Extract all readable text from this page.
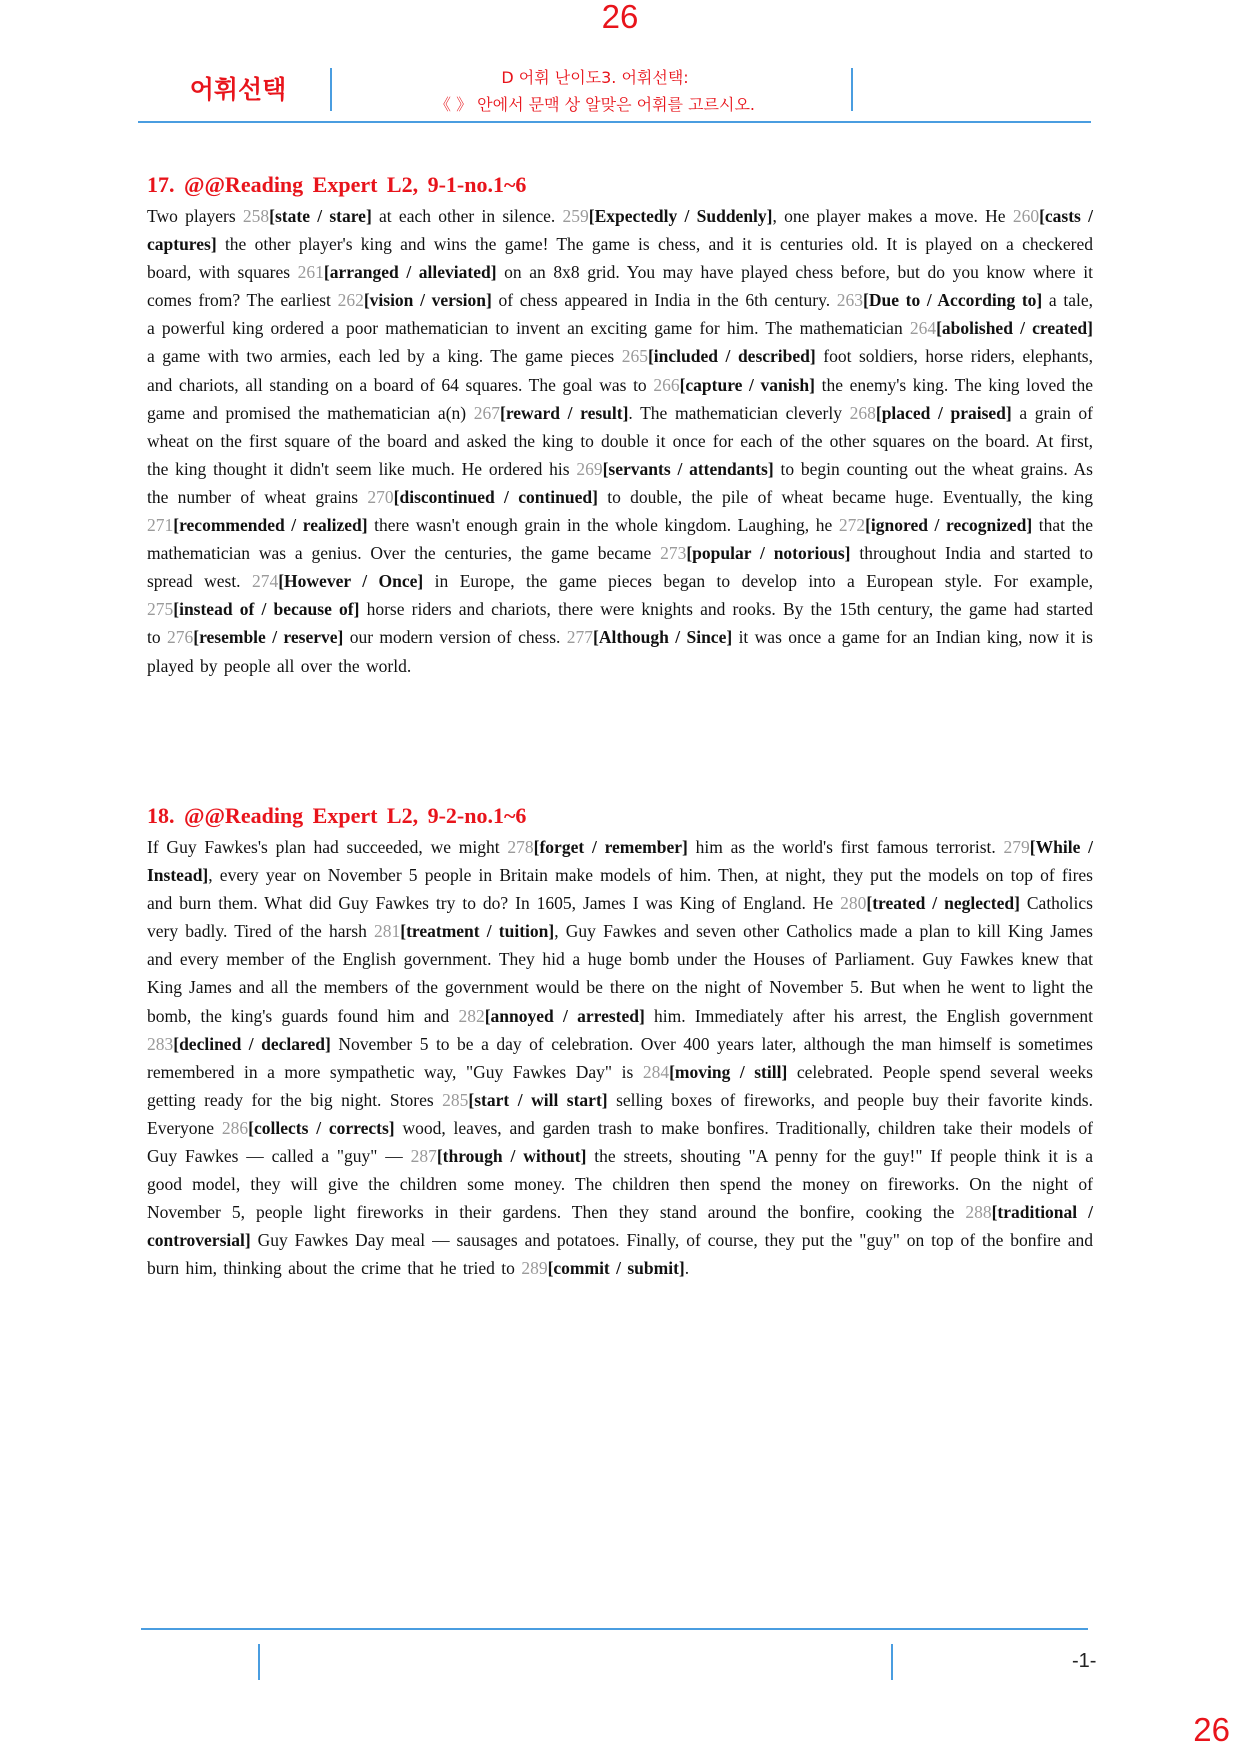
26
어휘선택	D 어휘 난이도3. 어휘선택:
《 》 안에서 문맥 상 알맞은 어휘를 고르시오.
17. @@Reading Expert L2, 9-1-no.1~6

Two players 258[state / stare] at each other in silence. 259[Expectedly / Suddenly], one player makes a move. He 260[casts / captures] the other player's king and wins the game! The game is chess, and it is centuries old. It is played on a checkered board, with squares 261[arranged / alleviated] on an 8x8 grid. You may have played chess before, but do you know where it comes from? The earliest 262[vision / version] of chess appeared in India in the 6th century. 263[Due to / According to] a tale, a powerful king ordered a poor mathematician to invent an exciting game for him. The mathematician 264[abolished / created] a game with two armies, each led by a king. The game pieces 265[included / described] foot soldiers, horse riders, elephants, and chariots, all standing on a board of 64 squares. The goal was to 266[capture / vanish] the enemy's king. The king loved the game and promised the mathematician a(n) 267[reward / result]. The mathematician cleverly 268[placed / praised] a grain of wheat on the first square of the board and asked the king to double it once for each of the other squares on the board. At first, the king thought it didn't seem like much. He ordered his 269[servants / attendants] to begin counting out the wheat grains. As the number of wheat grains 270[discontinued / continued] to double, the pile of wheat became huge. Eventually, the king 271[recommended / realized] there wasn't enough grain in the whole kingdom. Laughing, he 272[ignored / recognized] that the mathematician was a genius. Over the centuries, the game became 273[popular / notorious] throughout India and started to spread west. 274[However / Once] in Europe, the game pieces began to develop into a European style. For example, 275[instead of / because of] horse riders and chariots, there were knights and rooks. By the 15th century, the game had started to 276[resemble / reserve] our modern version of chess. 277[Although / Since] it was once a game for an Indian king, now it is played by people all over the world.

18. @@Reading Expert L2, 9-2-no.1~6

If Guy Fawkes's plan had succeeded, we might 278[forget / remember] him as the world's first famous terrorist. 279[While / Instead], every year on November 5 people in Britain make models of him. Then, at night, they put the models on top of fires and burn them. What did Guy Fawkes try to do? In 1605, James I was King of England. He 280[treated / neglected] Catholics very badly. Tired of the harsh 281[treatment / tuition], Guy Fawkes and seven other Catholics made a plan to kill King James and every member of the English government. They hid a huge bomb under the Houses of Parliament. Guy Fawkes knew that King James and all the members of the government would be there on the night of November 5. But when he went to light the bomb, the king's guards found him and 282[annoyed / arrested] him. Immediately after his arrest, the English government 283[declined / declared] November 5 to be a day of celebration. Over 400 years later, although the man himself is sometimes remembered in a more sympathetic way, "Guy Fawkes Day" is 284[moving / still] celebrated. People spend several weeks getting ready for the big night. Stores 285[start / will start] selling boxes of fireworks, and people buy their favorite kinds. Everyone 286[collects / corrects] wood, leaves, and garden trash to make bonfires. Traditionally, children take their models of Guy Fawkes — called a "guy" — 287[through / without] the streets, shouting "A penny for the guy!" If people think it is a good model, they will give the children some money. The children then spend the money on fireworks. On the night of November 5, people light fireworks in their gardens. Then they stand around the bonfire, cooking the 288[traditional / controversial] Guy Fawkes Day meal — sausages and potatoes. Finally, of course, they put the "guy" on top of the bonfire and burn him, thinking about the crime that he tried to 289[commit / submit].

-1-
26
